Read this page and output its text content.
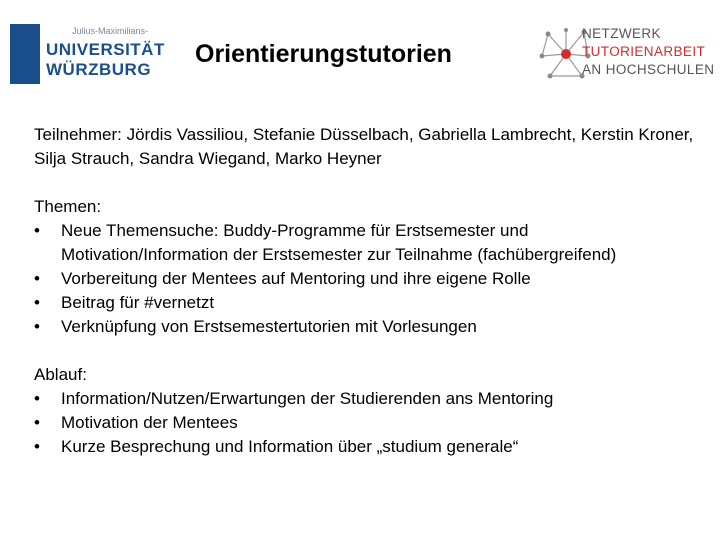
Julius-Maximilians-
UNIVERSITÄT
WÜRZBURG
Orientierungstutorien
NETZWERK
TUTORIENARBEIT
AN HOCHSCHULEN

Teilnehmer: Jördis Vassiliou, Stefanie Düsselbach, Gabriella Lambrecht, Kerstin Kroner, Silja Strauch, Sandra Wiegand, Marko Heyner

Themen:
• Neue Themensuche: Buddy-Programme für Erstsemester und Motivation/Information der Erstsemester zur Teilnahme (fachübergreifend)
• Vorbereitung der Mentees auf Mentoring und ihre eigene Rolle
• Beitrag für #vernetzt
• Verknüpfung von Erstsemestertutorien mit Vorlesungen
Ablauf:
• Information/Nutzen/Erwartungen der Studierenden ans Mentoring
• Motivation der Mentees
• Kurze Besprechung und Information über „studium generale“
